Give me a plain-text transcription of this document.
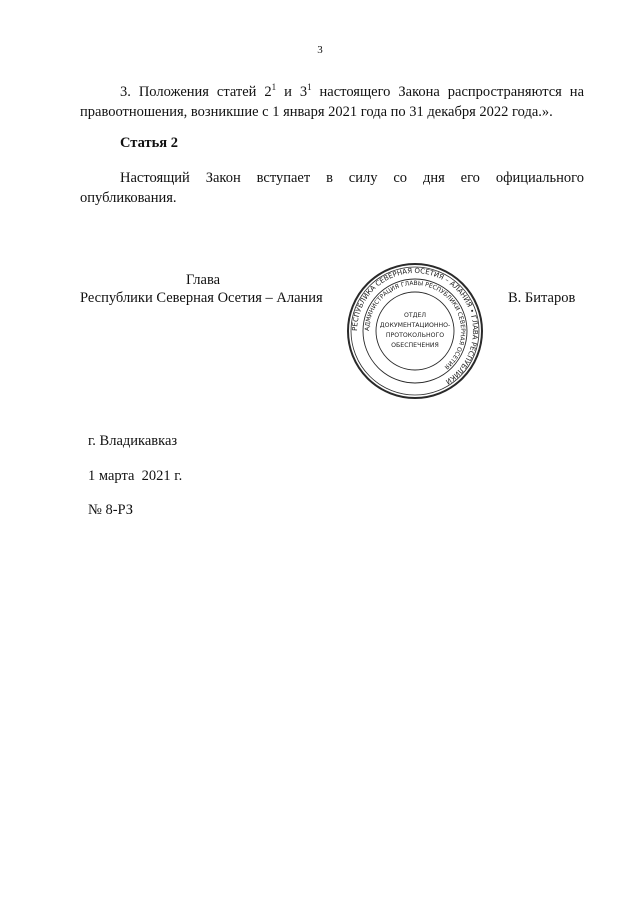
3
3. Положения статей $2^1$ и $3^1$ настоящего Закона распространяются на
правоотношения, возникшие с 1 января 2021 года по 31 декабря 2022 года.».
Статья 2
Настоящий Закон вступает в силу со дня его официального
опубликования.
Глава
Республики Северная Осетия – Алания	В. Битаров
РЕСПУБЛИКА СЕВЕРНАЯ ОСЕТИЯ – АЛАНИЯ • ГЛАВА РЕСПУБЛИКИ
АДМИНИСТРАЦИЯ ГЛАВЫ РЕСПУБЛИКИ СЕВЕРНАЯ ОСЕТИЯ
ОТДЕЛ
ДОКУМЕНТАЦИОННО-
ПРОТОКОЛЬНОГО
ОБЕСПЕЧЕНИЯ
г. Владикавказ
1 марта  2021 г.
№ 8-РЗ
